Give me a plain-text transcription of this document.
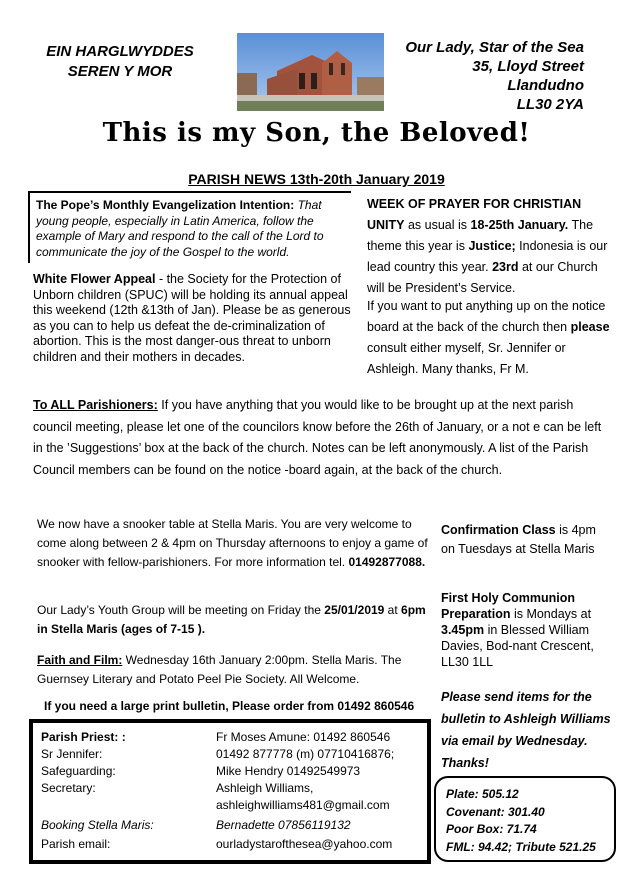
EIN HARGLWYDDES
SEREN Y MOR
Our Lady, Star of the Sea
35, Lloyd Street
Llandudno
LL30 2YA
This is my Son, the Beloved!
PARISH NEWS 13th-20th January 2019
The Pope’s Monthly Evangelization Intention: That young people, especially in Latin America, follow the example of Mary and respond to the call of the Lord to communicate the joy of the Gospel to the world.
White Flower Appeal - the Society for the Protection of Unborn children (SPUC) will be holding its annual appeal this weekend (12th &13th of Jan). Please be as generous as you can to help us defeat the de-criminalization of abortion. This is the most danger-ous threat to unborn children and their mothers in decades.
WEEK OF PRAYER FOR CHRISTIAN UNITY as usual is 18-25th January. The theme this year is Justice; Indonesia is our lead country this year. 23rd at our Church will be President’s Service.
If you want to put anything up on the notice board at the back of the church then please consult either myself, Sr. Jennifer or Ashleigh. Many thanks, Fr M.
To ALL Parishioners: If you have anything that you would like to be brought up at the next parish council meeting, please let one of the councilors know before the 26th of January, or a not e can be left in the ’Suggestions’ box at the back of the church. Notes can be left anonymously. A list of the Parish Council members can be found on the notice -board again, at the back of the church.
We now have a snooker table at Stella Maris. You are very welcome to come along between 2 & 4pm on Thursday afternoons to enjoy a game of snooker with fellow-parishioners. For more information tel. 01492877088.
Our Lady’s Youth Group will be meeting on Friday the 25/01/2019 at 6pm in Stella Maris (ages of 7-15 ).
Faith and Film: Wednesday 16th January 2:00pm. Stella Maris. The Guernsey Literary and Potato Peel Pie Society. All Welcome.
If you need a large print bulletin, Please order from 01492 860546
Parish Priest: :	Fr Moses Amune: 01492 860546
Sr Jennifer:	01492 877778 (m) 07710416876;
Safeguarding:	Mike Hendry 01492549973
Secretary:	Ashleigh Williams,
ashleighwilliams481@gmail.com
Booking Stella Maris:	Bernadette 07856119132
Parish email:	ourladystarofthesea@yahoo.com
Confirmation Class is 4pm on Tuesdays at Stella Maris
First Holy Communion Preparation is Mondays at 3.45pm in Blessed William Davies, Bod-nant Crescent, LL30 1LL
Please send items for the bulletin to Ashleigh Williams via email by Wednesday. Thanks!
Plate: 505.12
Covenant: 301.40
Poor Box: 71.74
FML: 94.42; Tribute 521.25
